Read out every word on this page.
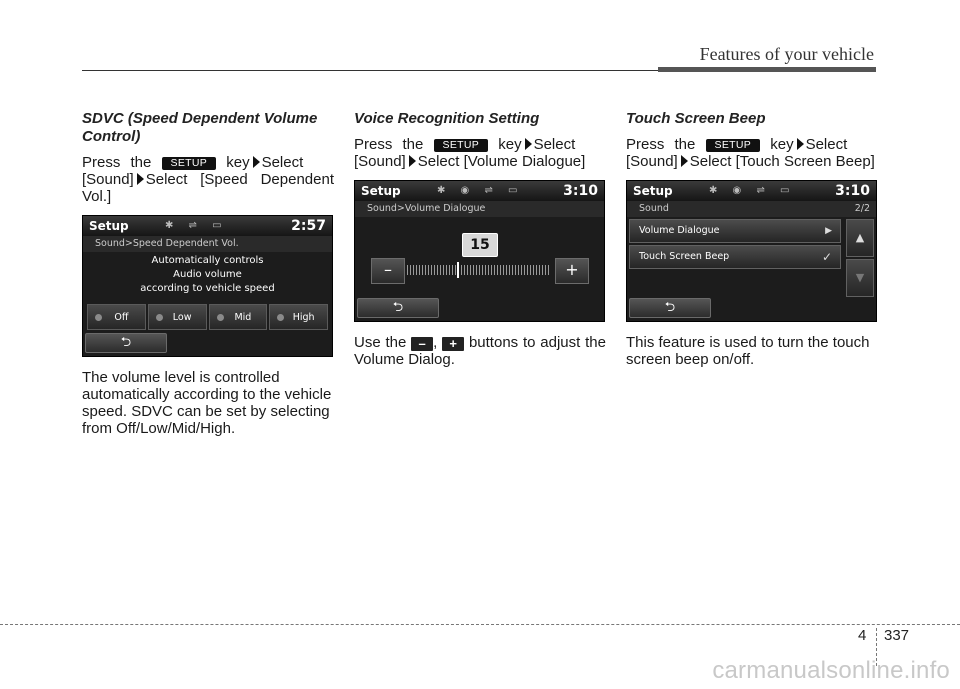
Features of your vehicle
SDVC (Speed Dependent Volume Control)

Press the SETUP key Select

[Sound] Select [Speed Dependent Vol.]

Setup	✱ ⇌ ▭	2:57
Sound>Speed Dependent Vol.
Automatically controls
Audio volume
according to vehicle speed
Off	Low	Mid	High
⮌

The volume level is controlled automatically according to the vehicle speed. SDVC can be set by selecting from Off/Low/Mid/High.

Voice Recognition Setting

Press the SETUP key Select

[Sound] Select [Volume Dialogue]

Setup	✱ ◉ ⇌ ▭	3:10
Sound>Volume Dialogue
15
–	+
⮌

Use the – , + buttons to adjust the Volume Dialog.

Touch Screen Beep

Press the SETUP key Select

[Sound] Select [Touch Screen Beep]

Setup	✱ ◉ ⇌ ▭	3:10
Sound	2/2
Volume Dialogue	▶
Touch Screen Beep	✓
▲
▼
⮌

This feature is used to turn the touch screen beep on/off.

4 337
carmanualsonline.info
